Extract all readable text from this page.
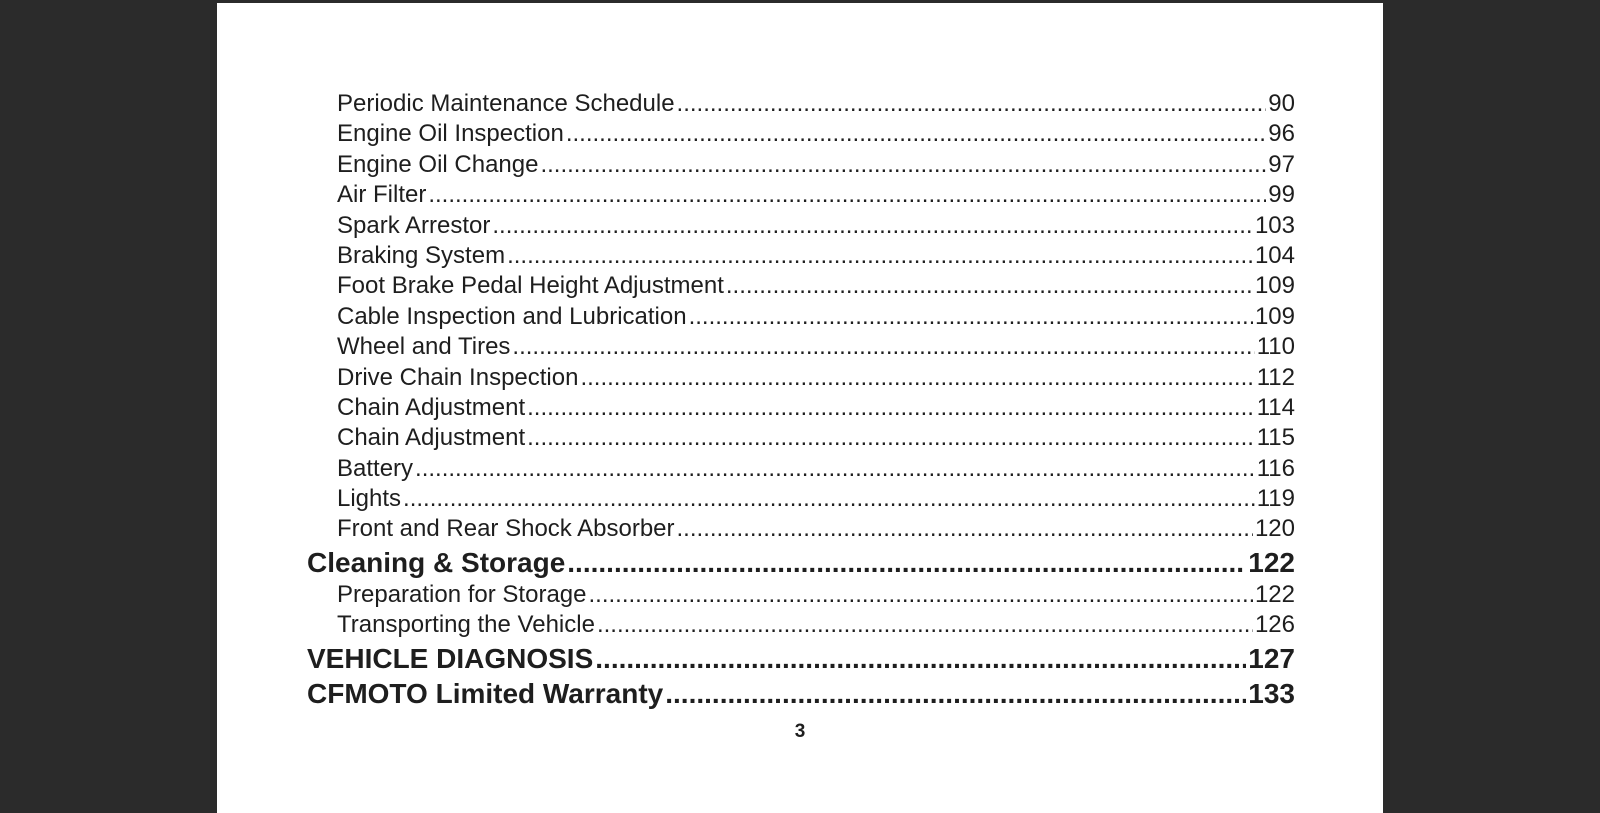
Periodic Maintenance Schedule .....	90
Engine Oil Inspection .....	96
Engine Oil Change .....	97
Air Filter .....	99
Spark Arrestor .....	103
Braking System .....	104
Foot Brake Pedal Height Adjustment .....	109
Cable Inspection and Lubrication .....	109
Wheel and Tires .....	110
Drive Chain Inspection .....	112
Chain Adjustment .....	114
Chain Adjustment .....	115
Battery .....	116
Lights .....	119
Front and Rear Shock Absorber .....	120
Cleaning & Storage .....	122
Preparation for Storage .....	122
Transporting the Vehicle .....	126
VEHICLE DIAGNOSIS .....	127
CFMOTO Limited Warranty .....	133
3
